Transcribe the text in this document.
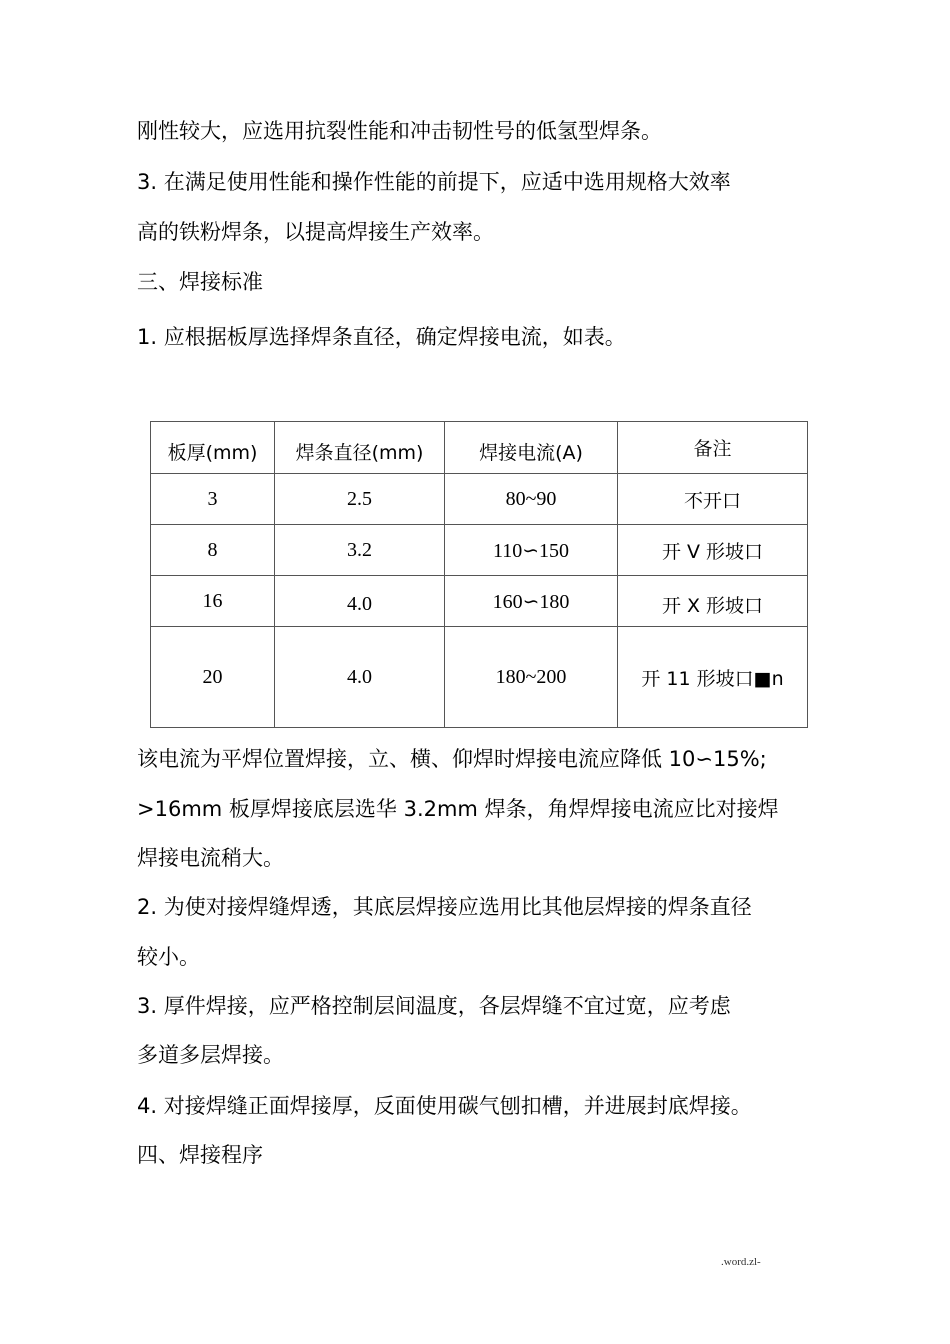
刚性较大，应选用抗裂性能和冲击韧性号的低氢型焊条。
3. 在满足使用性能和操作性能的前提下，应适中选用规格大效率
高的铁粉焊条，以提高焊接生产效率。
三、焊接标准
1. 应根据板厚选择焊条直径，确定焊接电流，如表。
板厚(mm)	焊条直径(mm)	焊接电流(A)	备注
3	2.5	80~90	不开口
8	3.2	110∽150	开 V 形坡口
16	4.0	160∽180	开 X 形坡口
20	4.0	180~200	开 11 形坡口■n
该电流为平焊位置焊接，立、横、仰焊时焊接电流应降低 10∽15%;
>16mm 板厚焊接底层选华 3.2mm 焊条，角焊焊接电流应比对接焊
焊接电流稍大。
2. 为使对接焊缝焊透，其底层焊接应选用比其他层焊接的焊条直径
较小。
3. 厚件焊接，应严格控制层间温度，各层焊缝不宜过宽，应考虑
多道多层焊接。
4. 对接焊缝正面焊接厚，反面使用碳气刨扣槽，并进展封底焊接。
四、焊接程序
.word.zl-
